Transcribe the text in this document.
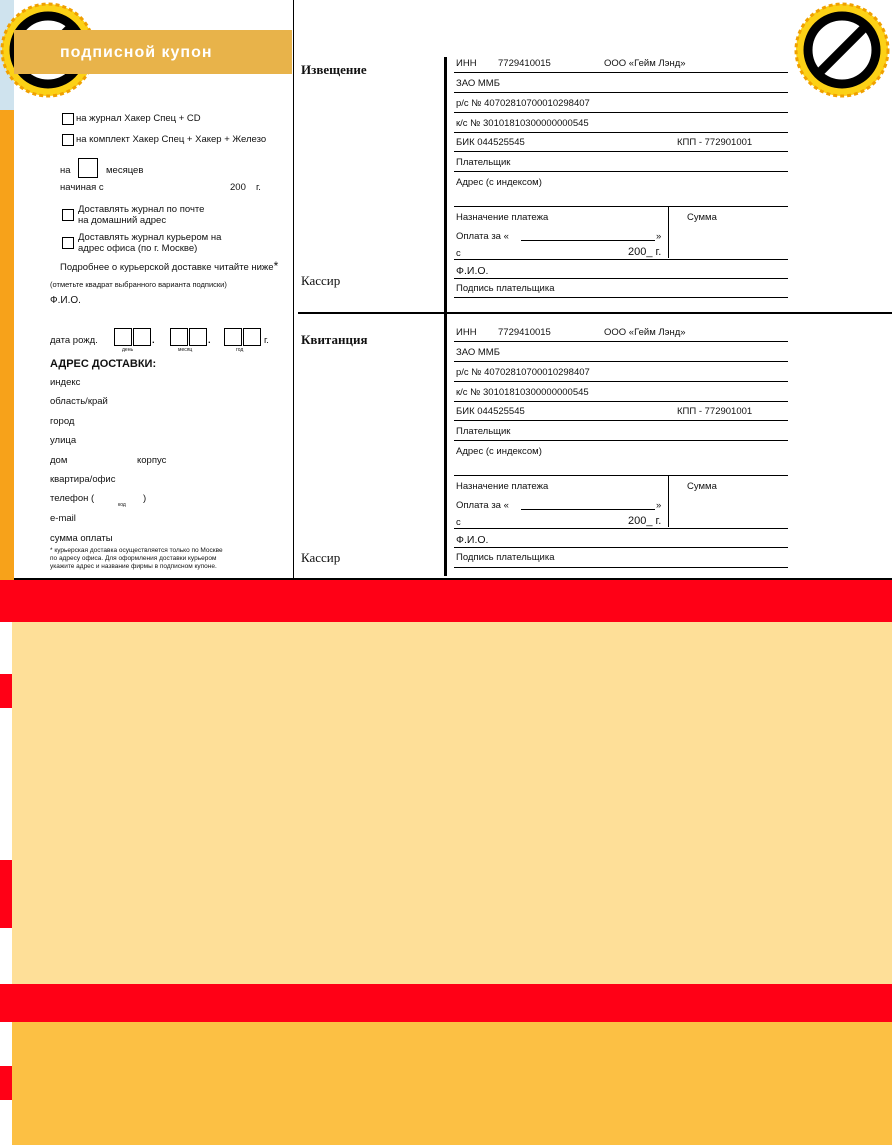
подписной купон
на журнал Хакер Спец + CD
на комплект Хакер Спец + Хакер + Железо
на	месяцев
начиная с	200 г.
Доставлять журнал по почте
на домашний адрес
Доставлять журнал курьером на
адрес офиса (по г. Москве)
Подробнее о курьерской доставке читайте ниже*
(отметьте квадрат выбранного варианта подписки)
Ф.И.О.
дата рожд.	.	.	г.
день	месяц	год
АДРЕС ДОСТАВКИ:
индекс
область/край
город
улица
дом	корпус
квартира/офис
телефон (
код
)
e-mail
сумма оплаты
* курьерская доставка осуществляется только по Москве
по адресу офиса. Для оформления доставки курьером
укажите адрес и название фирмы в подписном купоне.
Извещение
Кассир
Квитанция
Кассир
ИНН 7729410015	ООО «Гейм Лэнд»
ЗАО ММБ
р/с № 40702810700010298407
к/с № 30101810300000000545
БИК 044525545	КПП - 772901001
Плательщик
Адрес (с индексом)
Назначение платежа	Сумма
Оплата за «	»
с	200_ г.
Ф.И.О.
Подпись плательщика
ИНН 7729410015	ООО «Гейм Лэнд»
ЗАО ММБ
р/с № 40702810700010298407
к/с № 30101810300000000545
БИК 044525545	КПП - 772901001
Плательщик
Адрес (с индексом)
Назначение платежа	Сумма
Оплата за «	»
с	200_ г.
Ф.И.О.
Подпись плательщика
